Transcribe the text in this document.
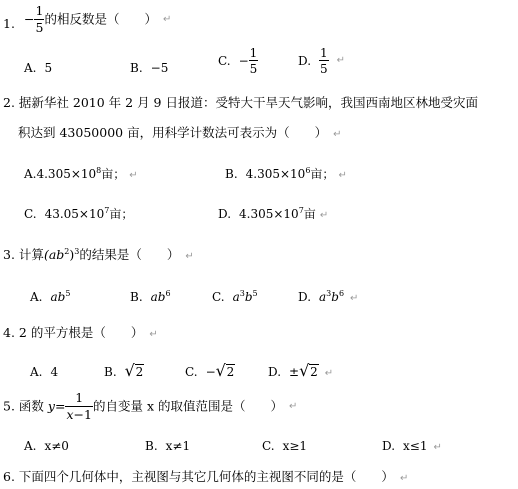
1. − $\frac{1}{5}$ 的相反数是（　　） ↵
A. 5	B. −5	C. − $\frac{1}{5}$	D. $\frac{1}{5}$ ↵
2. 据新华社 2010 年 2 月 9 日报道：受特大干旱天气影响，我国西南地区林地受灾面
积达到 43050000 亩，用科学计数法可表示为（　　） ↵
$A.4.305\times 10^8$亩； ↵	B. $4.305\times 10^6$亩； ↵
C. $43.05\times 10^7$亩；	D. $4.305\times 10^7$亩 ↵
3. 计算$(ab^2)^3$的结果是（　　） ↵
A. $ab^5$	B. $ab^6$	C. $a^3b^5$	D. $a^3b^6$ ↵
4. 2 的平方根是（　　） ↵
A. 4	B. √ 2	C. − √ 2	D. ± √ 2 ↵
5. 函数 $y= \frac{1}{x-1}$ 的自变量 x 的取值范围是（　　） ↵
A. x≠0	B. x≠1	C. x≥1	D. x≤1 ↵
6. 下面四个几何体中，主视图与其它几何体的主视图不同的是（　　） ↵
